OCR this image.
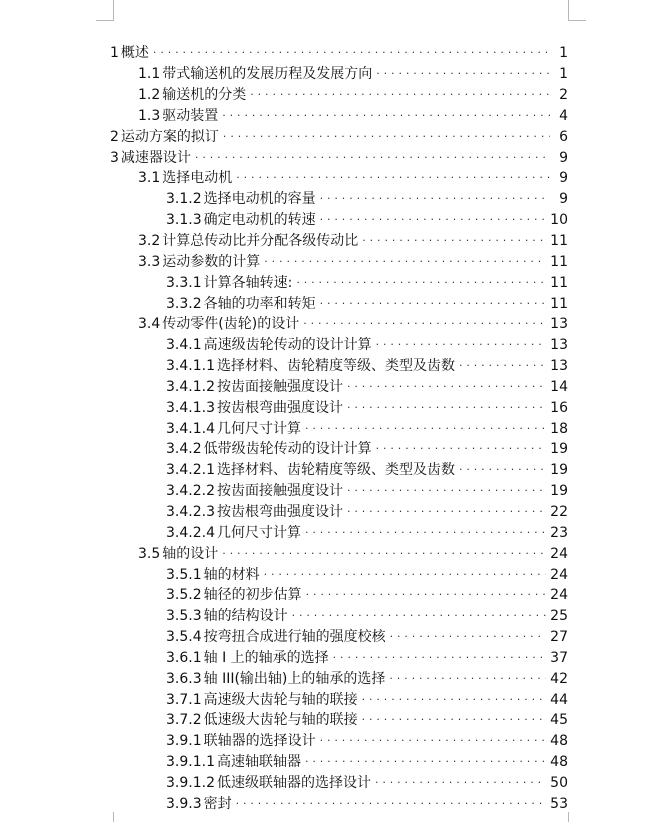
1 概述 . . .	1
1.1 带式输送机的发展历程及发展方向 . . .	1
1.2 输送机的分类 . . .	2
1.3 驱动装置 . . .	4
2 运动方案的拟订 . . .	6
3 减速器设计 . . .	9
3.1 选择电动机 . . .	9
3.1.2 选择电动机的容量 . . .	9
3.1.3 确定电动机的转速 . . .	10
3.2 计算总传动比并分配各级传动比 . . .	11
3.3 运动参数的计算 . . .	11
3.3.1 计算各轴转速: . . .	11
3.3.2 各轴的功率和转矩 . . .	11
3.4 传动零件(齿轮)的设计 . . .	13
3.4.1 高速级齿轮传动的设计计算 . . .	13
3.4.1.1 选择材料、齿轮精度等级、类型及齿数 . . .	13
3.4.1.2 按齿面接触强度设计 . . .	14
3.4.1.3 按齿根弯曲强度设计 . . .	16
3.4.1.4 几何尺寸计算 . . .	18
3.4.2 低带级齿轮传动的设计计算 . . .	19
3.4.2.1 选择材料、齿轮精度等级、类型及齿数 . . .	19
3.4.2.2 按齿面接触强度设计 . . .	19
3.4.2.3 按齿根弯曲强度设计 . . .	22
3.4.2.4 几何尺寸计算 . . .	23
3.5 轴的设计 . . .	24
3.5.1 轴的材料 . . .	24
3.5.2 轴径的初步估算 . . .	24
3.5.3 轴的结构设计 . . .	25
3.5.4 按弯扭合成进行轴的强度校核 . . .	27
3.6.1 轴 I 上的轴承的选择 . . .	37
3.6.3 轴 III(输出轴)上的轴承的选择 . . .	42
3.7.1 高速级大齿轮与轴的联接 . . .	44
3.7.2 低速级大齿轮与轴的联接 . . .	45
3.9.1 联轴器的选择设计 . . .	48
3.9.1.1 高速轴联轴器 . . .	48
3.9.1.2 低速级联轴器的选择设计 . . .	50
3.9.3 密封 . . .	53
